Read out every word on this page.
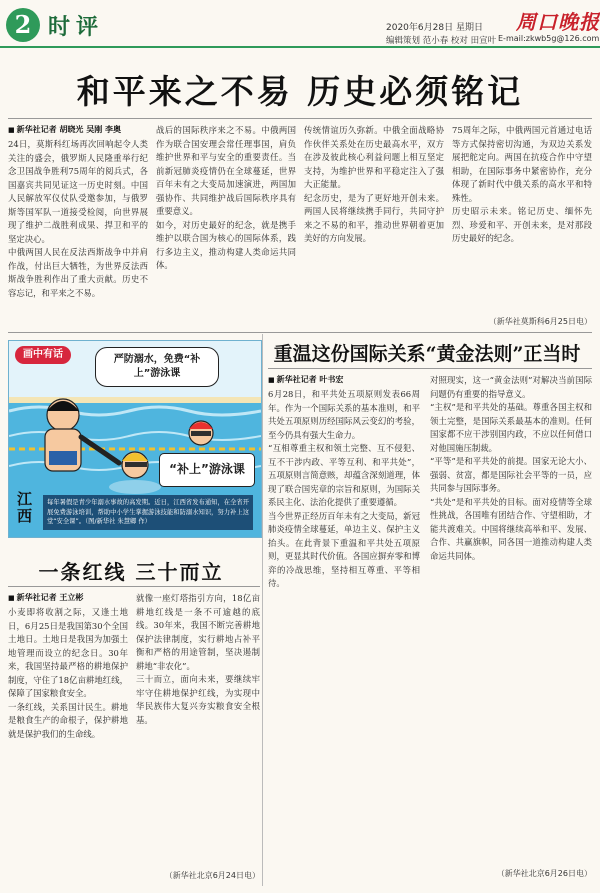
2 时评	2020年6月28日 星期日
编辑策划 范小春 校对 田宣叶
周口晚报
E-mail:zkwb5g@126.com
和平来之不易 历史必须铭记
■ 新华社记者 胡晓光 吴刚 李奥
24日，莫斯科红场再次回响起令人类关注的盛会，俄罗斯人民隆重举行纪念卫国战争胜利75周年的阅兵式，各国嘉宾共同见证这一历史时刻。中国人民解放军仪仗队受邀参加，与俄罗斯等国军队一道接受检阅，向世界展现了维护二战胜利成果、捍卫和平的坚定决心。
中俄两国人民在反法西斯战争中并肩作战，付出巨大牺牲，为世界反法西斯战争胜利作出了重大贡献。历史不容忘记，和平来之不易。
战后的国际秩序来之不易。中俄两国作为联合国安理会常任理事国，肩负维护世界和平与安全的重要责任。当前新冠肺炎疫情仍在全球蔓延，世界百年未有之大变局加速演进，两国加强协作、共同维护战后国际秩序具有重要意义。
如今，对历史最好的纪念，就是携手维护以联合国为核心的国际体系，践行多边主义，推动构建人类命运共同体。
传统情谊历久弥新。中俄全面战略协作伙伴关系处在历史最高水平，双方在涉及彼此核心利益问题上相互坚定支持，为维护世界和平稳定注入了强大正能量。
纪念历史，是为了更好地开创未来。两国人民将继续携手同行，共同守护来之不易的和平，推动世界朝着更加美好的方向发展。
75周年之际，中俄两国元首通过电话等方式保持密切沟通，为双边关系发展把舵定向。两国在抗疫合作中守望相助，在国际事务中紧密协作，充分体现了新时代中俄关系的高水平和特殊性。
历史昭示未来。铭记历史、缅怀先烈、珍爱和平、开创未来，是对那段历史最好的纪念。
（新华社莫斯科6月25日电）
画中有话	严防溺水，免费“补上”游泳课
“补上”游泳课
江西
每年暑假是青少年溺水事故的高发期。近日，江西省发布通知，在全省开展免费游泳培训，帮助中小学生掌握游泳技能和防溺水知识，努力补上这堂“安全课”。（图/新华社 朱慧卿 作）
重温这份国际关系“黄金法则”正当时
■ 新华社记者 叶书宏
6月28日，和平共处五项原则发表66周年。作为一个国际关系的基本准则，和平共处五项原则历经国际风云变幻的考验，至今仍具有强大生命力。
“互相尊重主权和领土完整、互不侵犯、互不干涉内政、平等互利、和平共处”，五项原则言简意赅，却蕴含深刻道理，体现了联合国宪章的宗旨和原则，为国际关系民主化、法治化提供了重要遵循。
当今世界正经历百年未有之大变局，新冠肺炎疫情全球蔓延，单边主义、保护主义抬头。在此背景下重温和平共处五项原则，更显其时代价值。各国应摒弃零和博弈的冷战思维，坚持相互尊重、平等相待。
对照现实，这一“黄金法则”对解决当前国际问题仍有重要的指导意义。
“主权”是和平共处的基础。尊重各国主权和领土完整，是国际关系最基本的准则。任何国家都不应干涉别国内政，不应以任何借口对他国施压制裁。
“平等”是和平共处的前提。国家无论大小、强弱、贫富，都是国际社会平等的一员，应共同参与国际事务。
“共处”是和平共处的目标。面对疫情等全球性挑战，各国唯有团结合作、守望相助，才能共渡难关。中国将继续高举和平、发展、合作、共赢旗帜，同各国一道推动构建人类命运共同体。
（新华社北京6月26日电）
一条红线 三十而立
■ 新华社记者 王立彬
小麦即将收割之际，又逢土地日，6月25日是我国第30个全国土地日。土地日是我国为加强土地管理而设立的纪念日。30年来，我国坚持最严格的耕地保护制度，守住了18亿亩耕地红线，保障了国家粮食安全。
一条红线，关系国计民生。耕地是粮食生产的命根子，保护耕地就是保护我们的生命线。
就像一座灯塔指引方向，18亿亩耕地红线是一条不可逾越的底线。30年来，我国不断完善耕地保护法律制度，实行耕地占补平衡和严格的用途管制，坚决遏制耕地“非农化”。
三十而立，面向未来，要继续牢牢守住耕地保护红线，为实现中华民族伟大复兴夯实粮食安全根基。
（新华社北京6月24日电）
